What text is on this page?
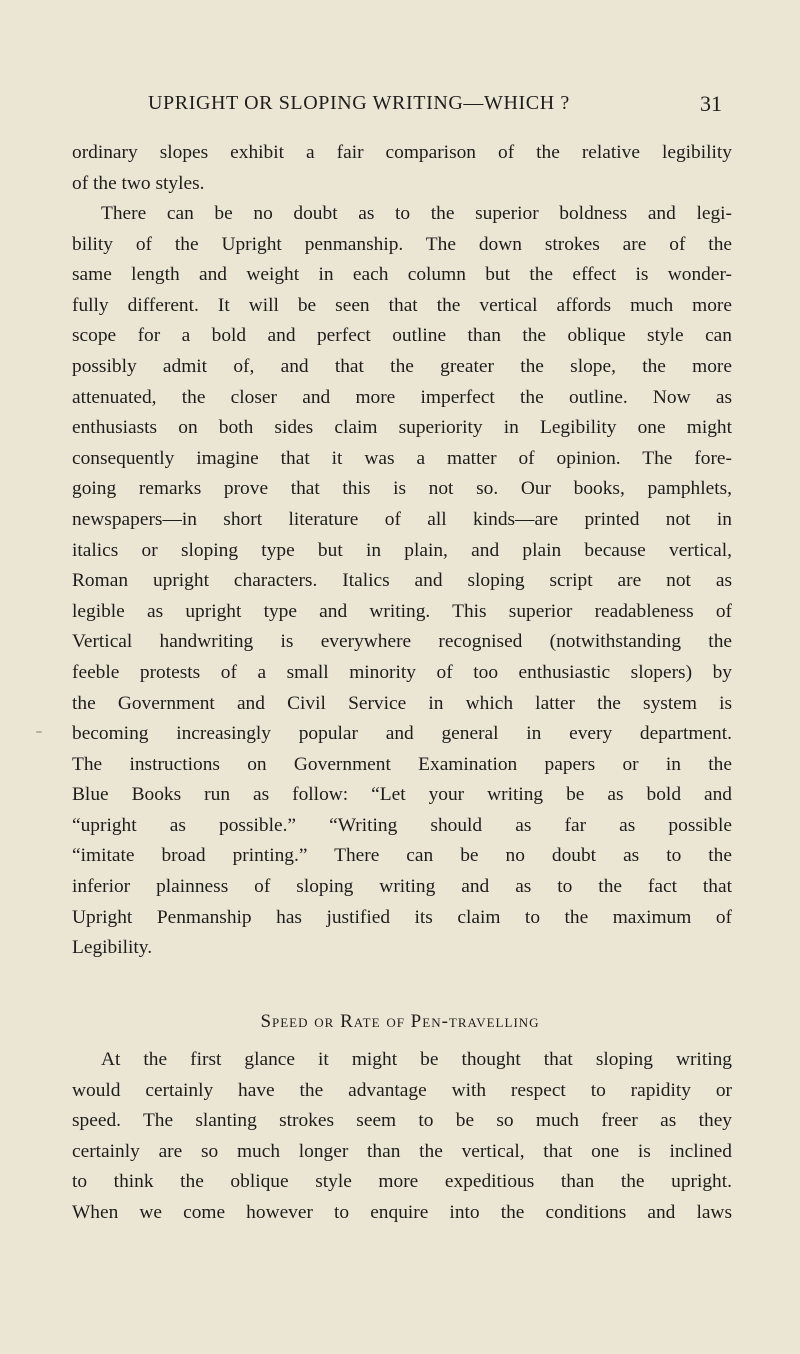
UPRIGHT OR SLOPING WRITING—WHICH ?	31
ordinary slopes exhibit a fair comparison of the relative legibility
of the two styles.
There can be no doubt as to the superior boldness and legi-
bility of the Upright penmanship. The down strokes are of the
same length and weight in each column but the effect is wonder-
fully different. It will be seen that the vertical affords much more
scope for a bold and perfect outline than the oblique style can
possibly admit of, and that the greater the slope, the more
attenuated, the closer and more imperfect the outline. Now as
enthusiasts on both sides claim superiority in Legibility one might
consequently imagine that it was a matter of opinion. The fore-
going remarks prove that this is not so. Our books, pamphlets,
newspapers—in short literature of all kinds—are printed not in
italics or sloping type but in plain, and plain because vertical,
Roman upright characters. Italics and sloping script are not as
legible as upright type and writing. This superior readableness of
Vertical handwriting is everywhere recognised (notwithstanding the
feeble protests of a small minority of too enthusiastic slopers) by
the Government and Civil Service in which latter the system is
becoming increasingly popular and general in every department.
The instructions on Government Examination papers or in the
Blue Books run as follow: “Let your writing be as bold and
“upright as possible.” “Writing should as far as possible
“imitate broad printing.” There can be no doubt as to the
inferior plainness of sloping writing and as to the fact that
Upright Penmanship has justified its claim to the maximum of
Legibility.
Speed or Rate of Pen-travelling
At the first glance it might be thought that sloping writing
would certainly have the advantage with respect to rapidity or
speed. The slanting strokes seem to be so much freer as they
certainly are so much longer than the vertical, that one is inclined
to think the oblique style more expeditious than the upright.
When we come however to enquire into the conditions and laws
